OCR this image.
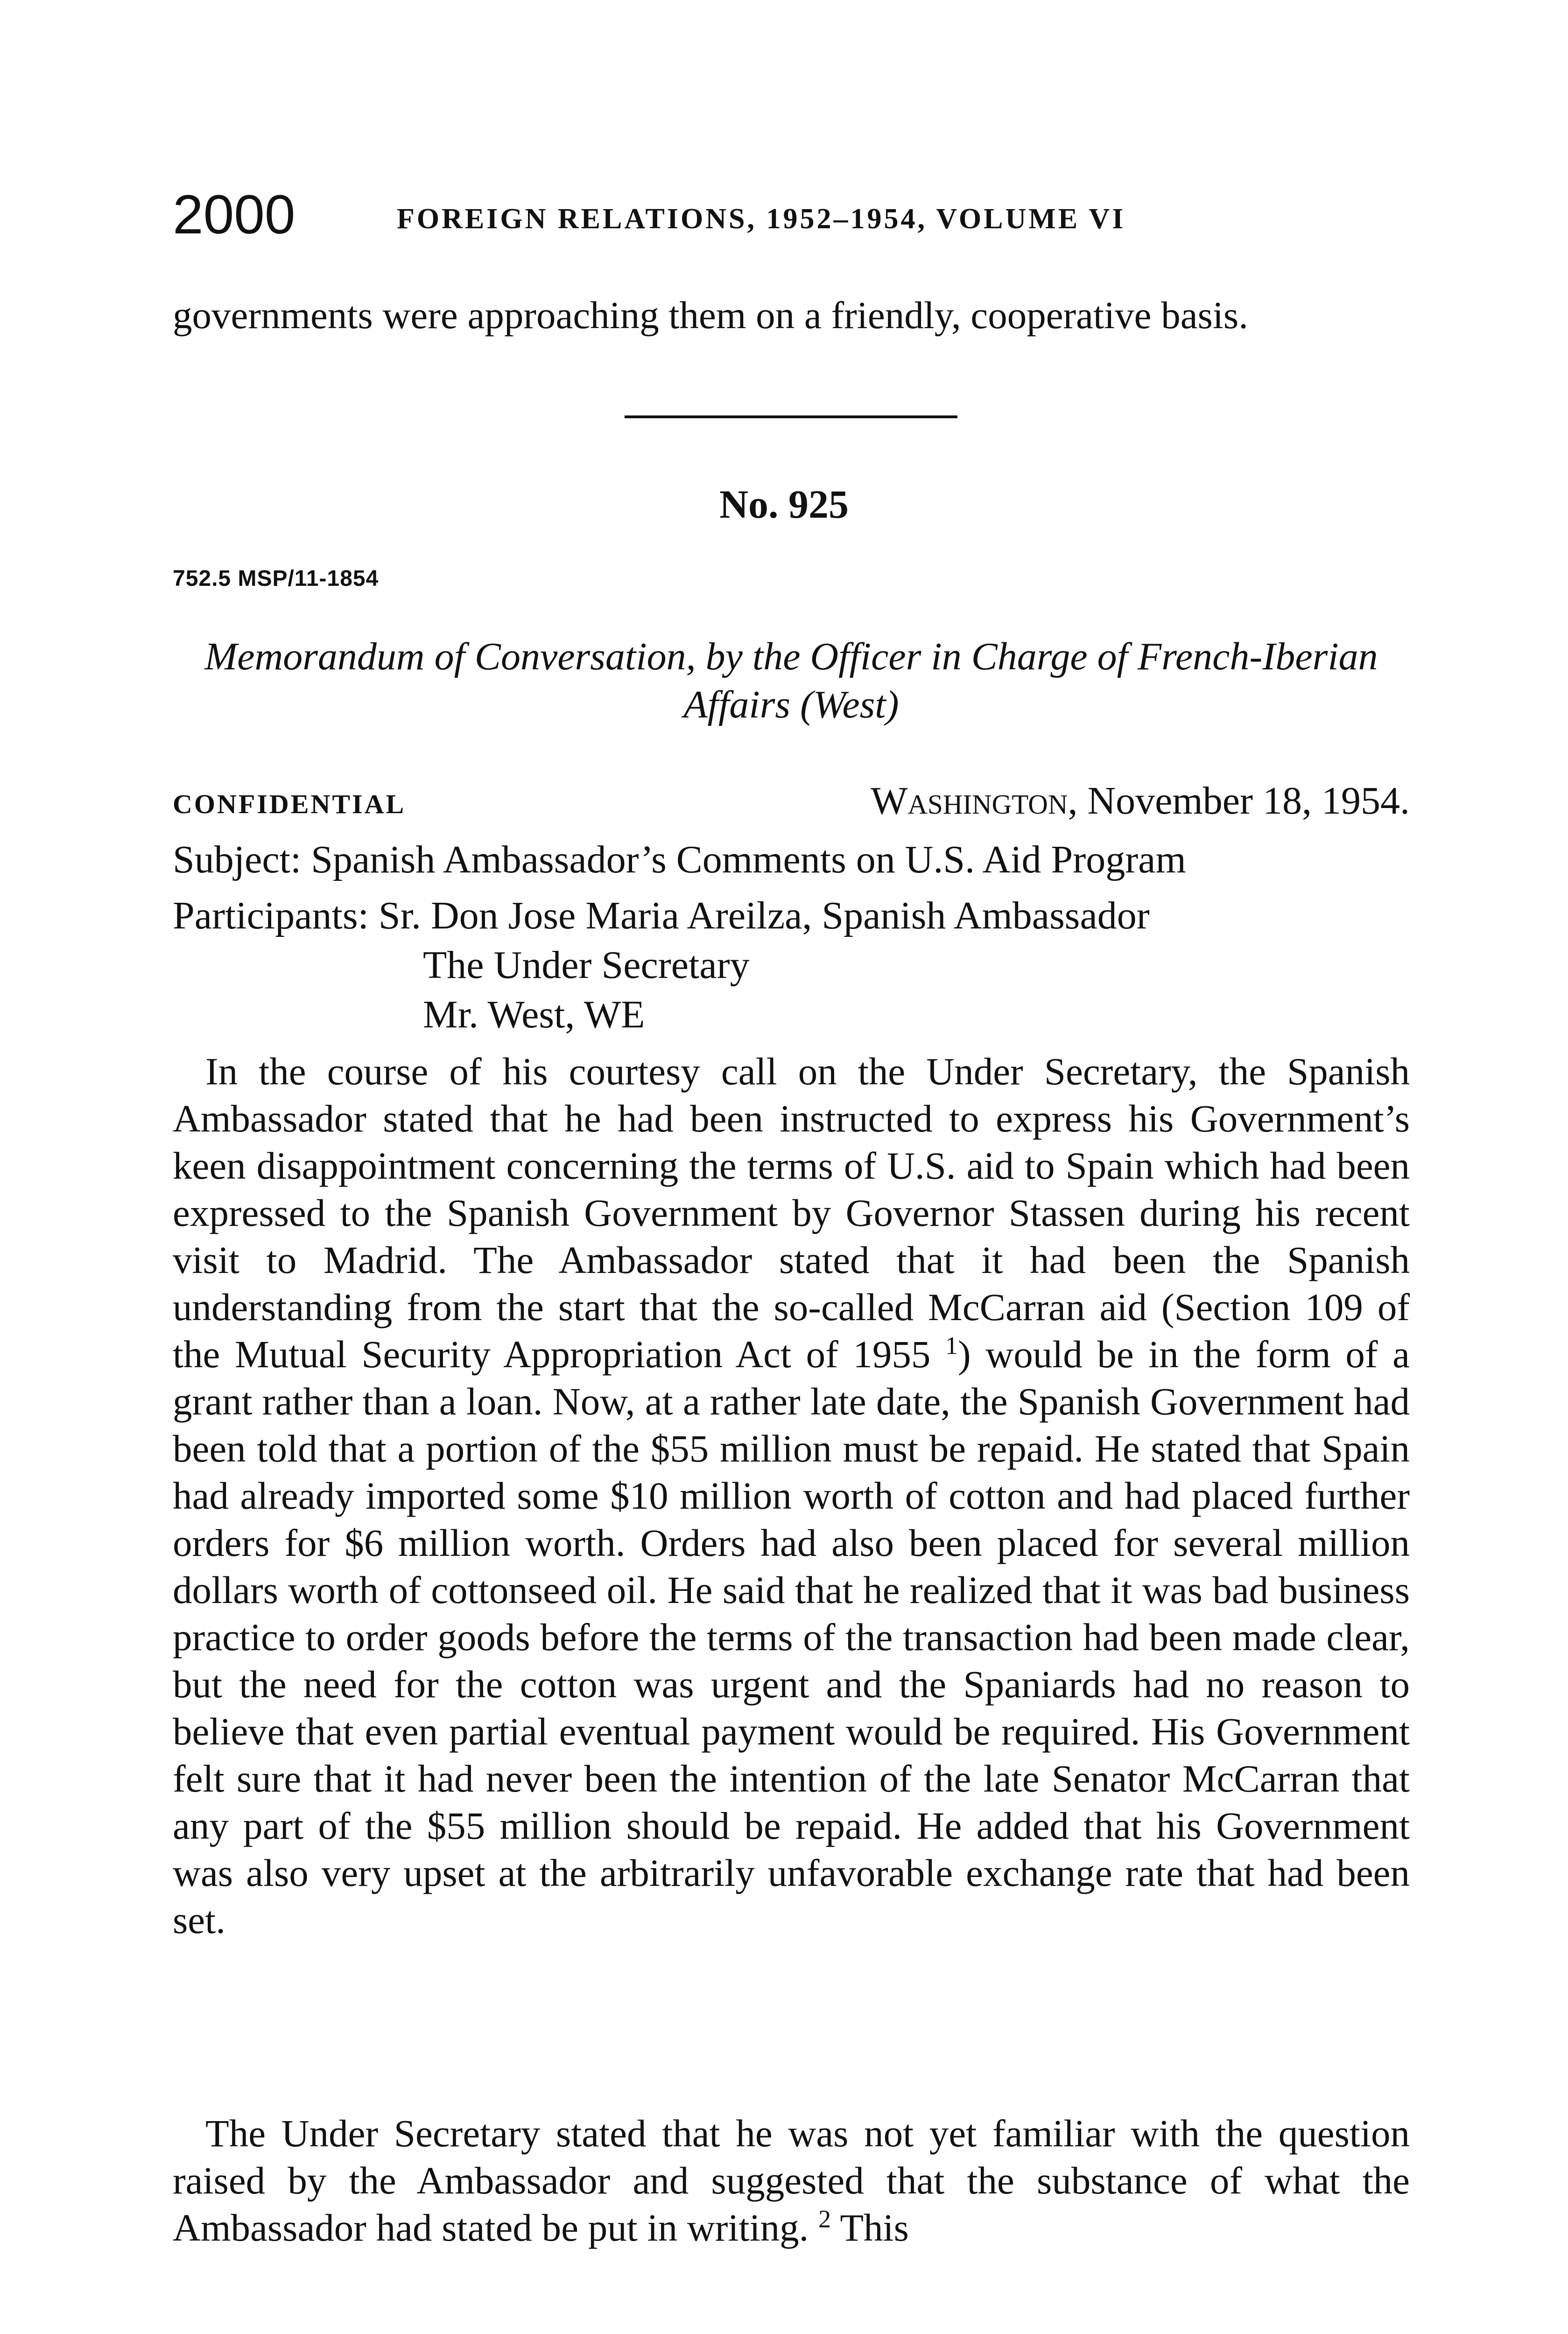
2000	FOREIGN RELATIONS, 1952–1954, VOLUME VI
governments were approaching them on a friendly, cooperative basis.
No. 925
752.5 MSP/11-1854
Memorandum of Conversation, by the Officer in Charge of French-Iberian Affairs (West)
CONFIDENTIAL	Washington, November 18, 1954.
Subject: Spanish Ambassador’s Comments on U.S. Aid Program
Participants: Sr. Don Jose Maria Areilza, Spanish Ambassador
The Under Secretary
Mr. West, WE
In the course of his courtesy call on the Under Secretary, the Spanish Ambassador stated that he had been instructed to express his Government’s keen disappointment concerning the terms of U.S. aid to Spain which had been expressed to the Spanish Government by Governor Stassen during his recent visit to Madrid. The Ambassador stated that it had been the Spanish understanding from the start that the so-called McCarran aid (Section 109 of the Mutual Security Appropriation Act of 1955 $^1$) would be in the form of a grant rather than a loan. Now, at a rather late date, the Spanish Government had been told that a portion of the $55 million must be repaid. He stated that Spain had already imported some $10 million worth of cotton and had placed further orders for $6 million worth. Orders had also been placed for several million dollars worth of cottonseed oil. He said that he realized that it was bad business practice to order goods before the terms of the transaction had been made clear, but the need for the cotton was urgent and the Spaniards had no reason to believe that even partial eventual payment would be required. His Government felt sure that it had never been the intention of the late Senator McCarran that any part of the $55 million should be repaid. He added that his Government was also very upset at the arbitrarily unfavorable exchange rate that had been set.
The Under Secretary stated that he was not yet familiar with the question raised by the Ambassador and suggested that the substance of what the Ambassador had stated be put in writing. $^2$ This
